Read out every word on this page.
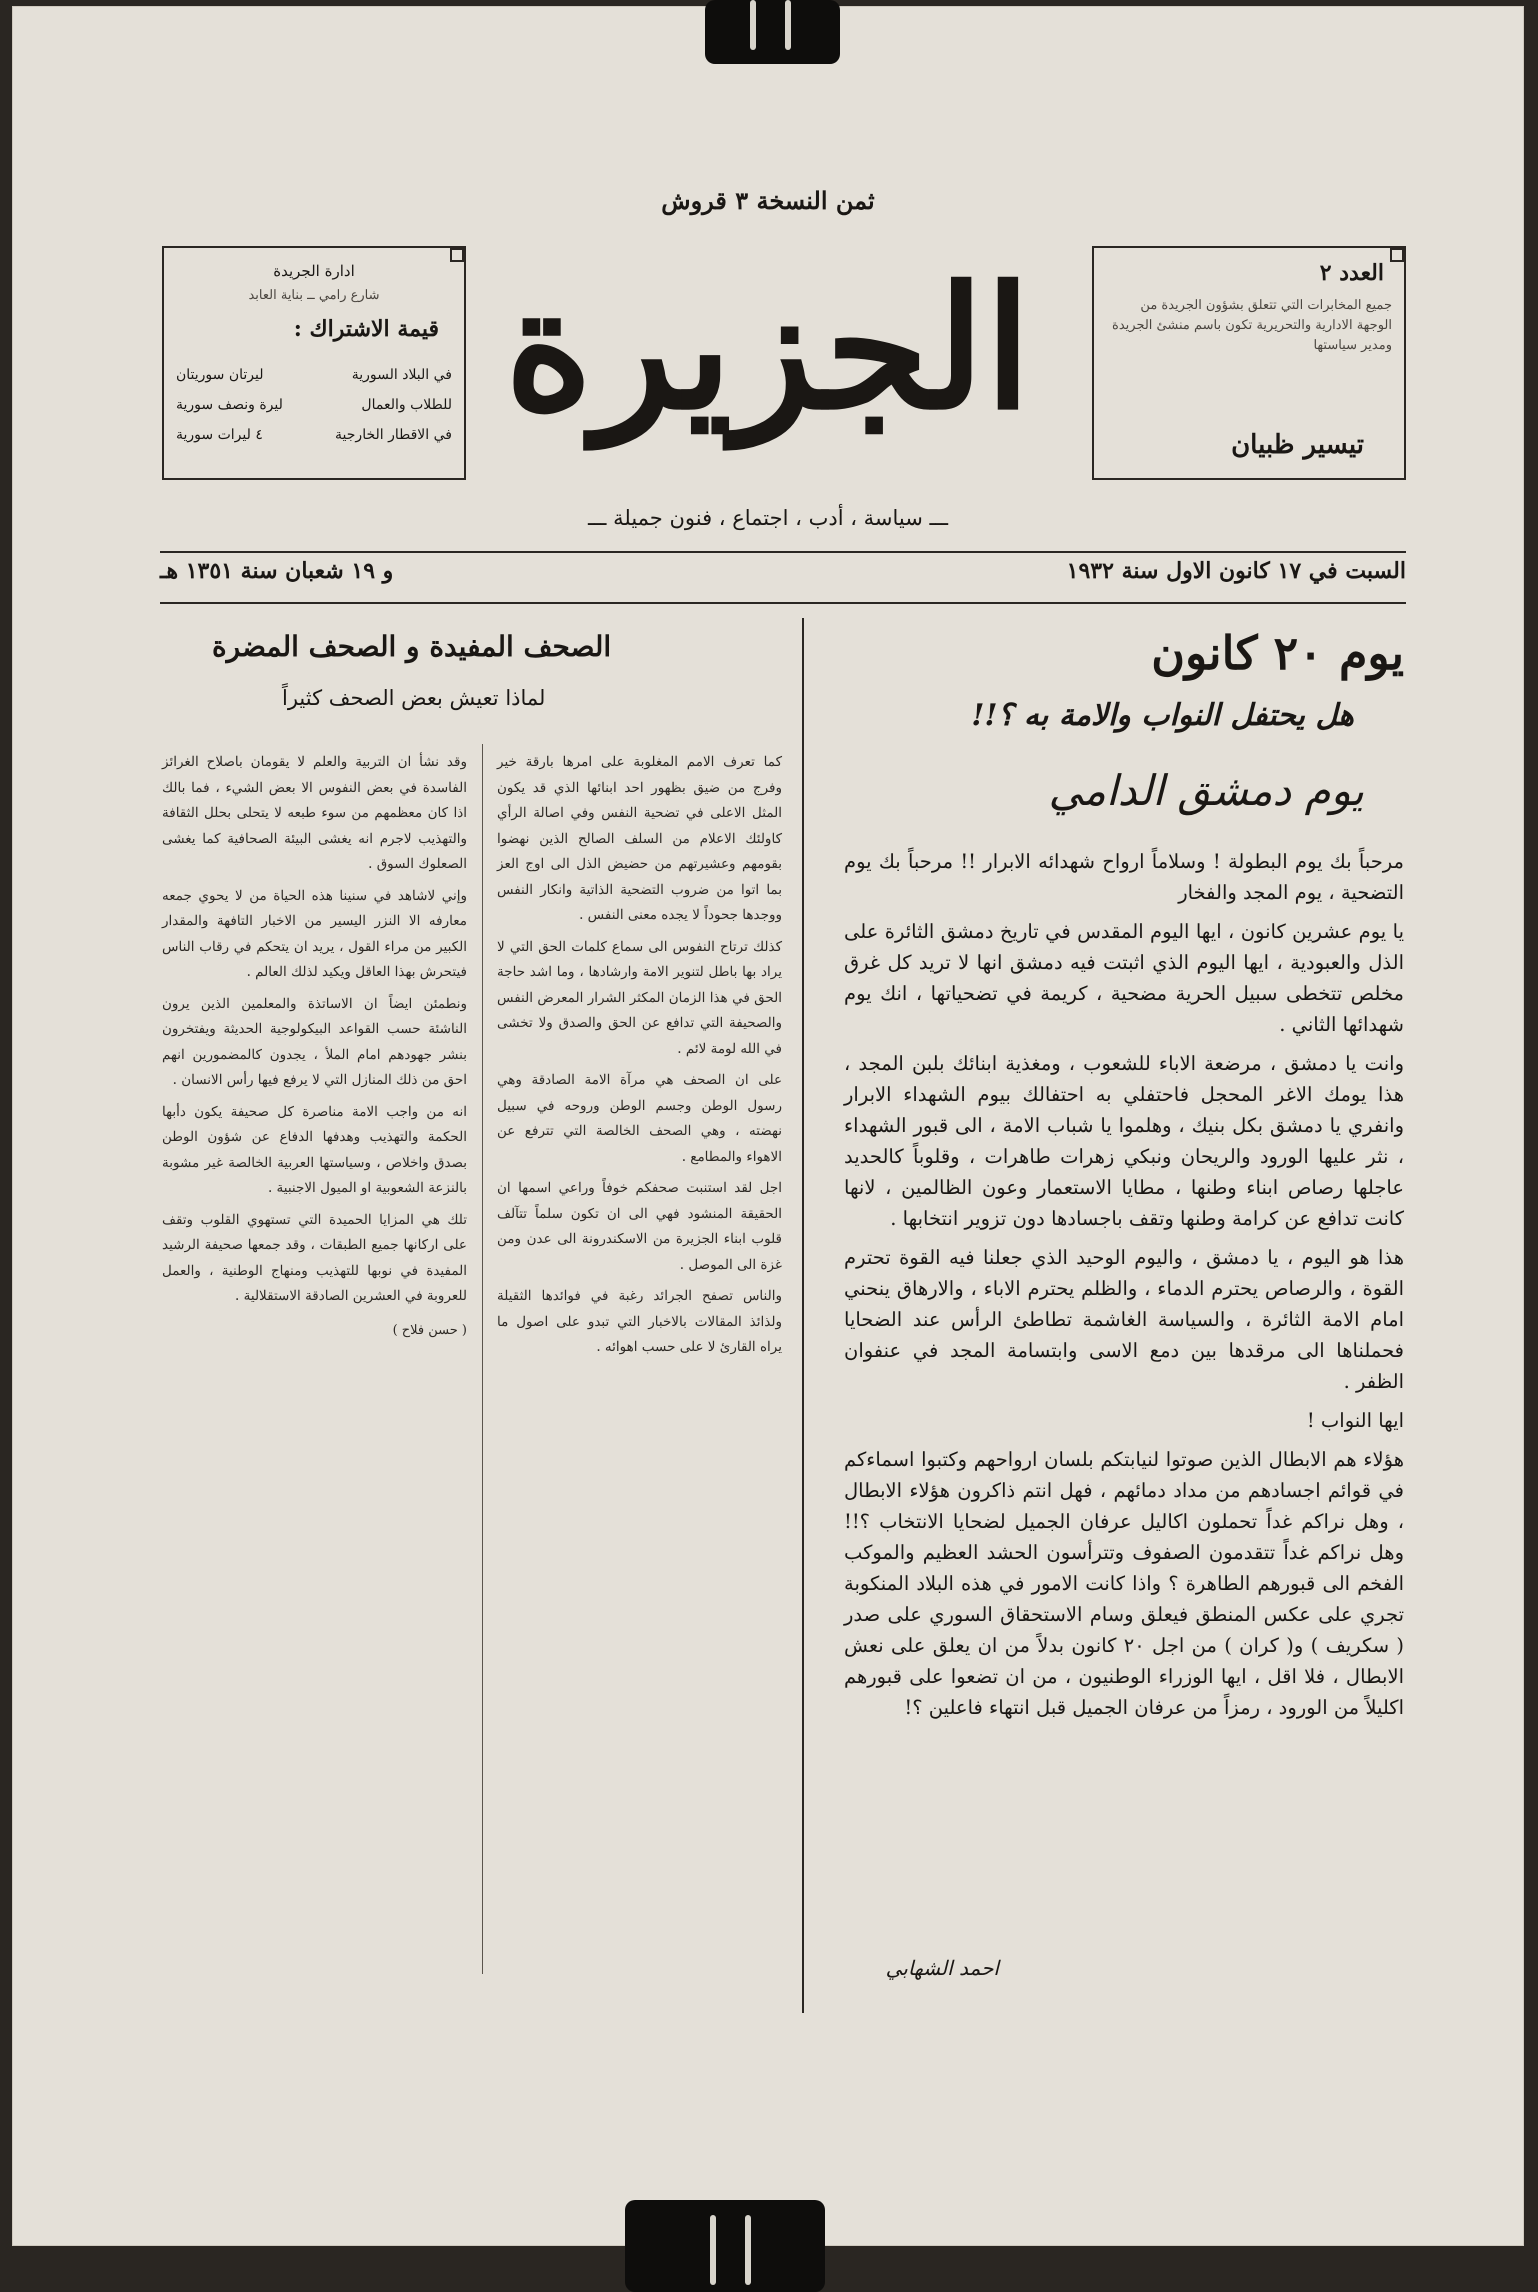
ثمن النسخة ٣ قروش
العدد ٢
جميع المخابرات التي تتعلق بشؤون الجريدة من الوجهة الادارية والتحريرية تكون باسم منشئ الجريدة ومدير سياستها
تيسير ظبيان
ادارة الجريدة
شارع رامي ــ بناية العابد
قيمة الاشتراك :
في البلاد السورية
ليرتان سوريتان
للطلاب والعمال
ليرة ونصف سورية
في الاقطار الخارجية
٤ ليرات سورية	الجزيرة
ـــ سياسة ، أدب ، اجتماع ، فنون جميلة ـــ
السبت في ١٧ كانون الاول سنة ١٩٣٢
و ١٩ شعبان سنة ١٣٥١ هـ
يوم ٢٠ كانون
هل يحتفل النواب والامة به ؟!!
يوم دمشق الدامي

مرحباً بك يوم البطولة ! وسلاماً ارواح شهدائه الابرار !! مرحباً بك يوم التضحية ، يوم المجد والفخار

يا يوم عشرين كانون ، ايها اليوم المقدس في تاريخ دمشق الثائرة على الذل والعبودية ، ايها اليوم الذي اثبتت فيه دمشق انها لا تريد كل غرق مخلص تتخطى سبيل الحرية مضحية ، كريمة في تضحياتها ، انك يوم شهدائها الثاني .

وانت يا دمشق ، مرضعة الاباء للشعوب ، ومغذية ابنائك بلبن المجد ، هذا يومك الاغر المحجل فاحتفلي به احتفالك بيوم الشهداء الابرار وانفري يا دمشق بكل بنيك ، وهلموا يا شباب الامة ، الى قبور الشهداء ، نثر عليها الورود والريحان ونبكي زهرات طاهرات ، وقلوباً كالحديد عاجلها رصاص ابناء وطنها ، مطايا الاستعمار وعون الظالمين ، لانها كانت تدافع عن كرامة وطنها وتقف باجسادها دون تزوير انتخابها .

هذا هو اليوم ، يا دمشق ، واليوم الوحيد الذي جعلنا فيه القوة تحترم القوة ، والرصاص يحترم الدماء ، والظلم يحترم الاباء ، والارهاق ينحني امام الامة الثائرة ، والسياسة الغاشمة تطاطئ الرأس عند الضحايا فحملناها الى مرقدها بين دمع الاسى وابتسامة المجد في عنفوان الظفر .

ايها النواب !

هؤلاء هم الابطال الذين صوتوا لنيابتكم بلسان ارواحهم وكتبوا اسماءكم في قوائم اجسادهم من مداد دمائهم ، فهل انتم ذاكرون هؤلاء الابطال ، وهل نراكم غداً تحملون اكاليل عرفان الجميل لضحايا الانتخاب ؟!! وهل نراكم غداً تتقدمون الصفوف وتترأسون الحشد العظيم والموكب الفخم الى قبورهم الطاهرة ؟ واذا كانت الامور في هذه البلاد المنكوبة تجري على عكس المنطق فيعلق وسام الاستحقاق السوري على صدر ( سكريف ) و( كران ) من اجل ٢٠ كانون بدلاً من ان يعلق على نعش الابطال ، فلا اقل ، ايها الوزراء الوطنيون ، من ان تضعوا على قبورهم اكليلاً من الورود ، رمزاً من عرفان الجميل قبل انتهاء فاعلين ؟!

احمد الشهابي
الصحف المفيدة و الصحف المضرة
لماذا تعيش بعض الصحف كثيراً

كما تعرف الامم المغلوبة على امرها بارقة خير وفرج من ضيق بظهور احد ابنائها الذي قد يكون المثل الاعلى في تضحية النفس وفي اصالة الرأي كاولئك الاعلام من السلف الصالح الذين نهضوا بقومهم وعشيرتهم من حضيض الذل الى اوج العز بما اتوا من ضروب التضحية الذاتية وانكار النفس ووجدها جحوداً لا يجده معنى النفس .

كذلك ترتاح النفوس الى سماع كلمات الحق التي لا يراد بها باطل لتنوير الامة وارشادها ، وما اشد حاجة الحق في هذا الزمان المكثر الشرار المعرض النفس والصحيفة التي تدافع عن الحق والصدق ولا تخشى في الله لومة لائم .

على ان الصحف هي مرآة الامة الصادقة وهي رسول الوطن وجسم الوطن وروحه في سبيل نهضته ، وهي الصحف الخالصة التي تترفع عن الاهواء والمطامع .

اجل لقد استنبت صحفكم خوفاً وراعي اسمها ان الحقيقة المنشود فهي الى ان تكون سلماً تتآلف قلوب ابناء الجزيرة من الاسكندرونة الى عدن ومن غزة الى الموصل .

والناس تصفح الجرائد رغبة في فوائدها الثقيلة ولذائذ المقالات بالاخبار التي تبدو على اصول ما يراه القارئ لا على حسب اهوائه .

وقد نشأ ان التربية والعلم لا يقومان باصلاح الغرائز الفاسدة في بعض النفوس الا بعض الشيء ، فما بالك اذا كان معظمهم من سوء طبعه لا يتحلى بحلل الثقافة والتهذيب لاجرم انه يغشى البيئة الصحافية كما يغشى الصعلوك السوق .

وإني لاشاهد في سنينا هذه الحياة من لا يحوي جمعه معارفه الا النزر اليسير من الاخبار التافهة والمقدار الكبير من مراء القول ، يريد ان يتحكم في رقاب الناس فيتحرش بهذا العاقل ويكيد لذلك العالم .

ونطمئن ايضاً ان الاساتذة والمعلمين الذين يرون الناشئة حسب القواعد البيكولوجية الحديثة ويفتخرون بنشر جهودهم امام الملأ ، يجدون كالمضمورين انهم احق من ذلك المنازل التي لا يرفع فيها رأس الانسان .

انه من واجب الامة مناصرة كل صحيفة يكون دأبها الحكمة والتهذيب وهدفها الدفاع عن شؤون الوطن بصدق واخلاص ، وسياستها العربية الخالصة غير مشوبة بالنزعة الشعوبية او الميول الاجنبية .

تلك هي المزايا الحميدة التي تستهوي القلوب وتقف على اركانها جميع الطبقات ، وقد جمعها صحيفة الرشيد المفيدة في نوبها للتهذيب ومنهاج الوطنية ، والعمل للعروبة في العشرين الصادقة الاستقلالية .

( حسن فلاح )
